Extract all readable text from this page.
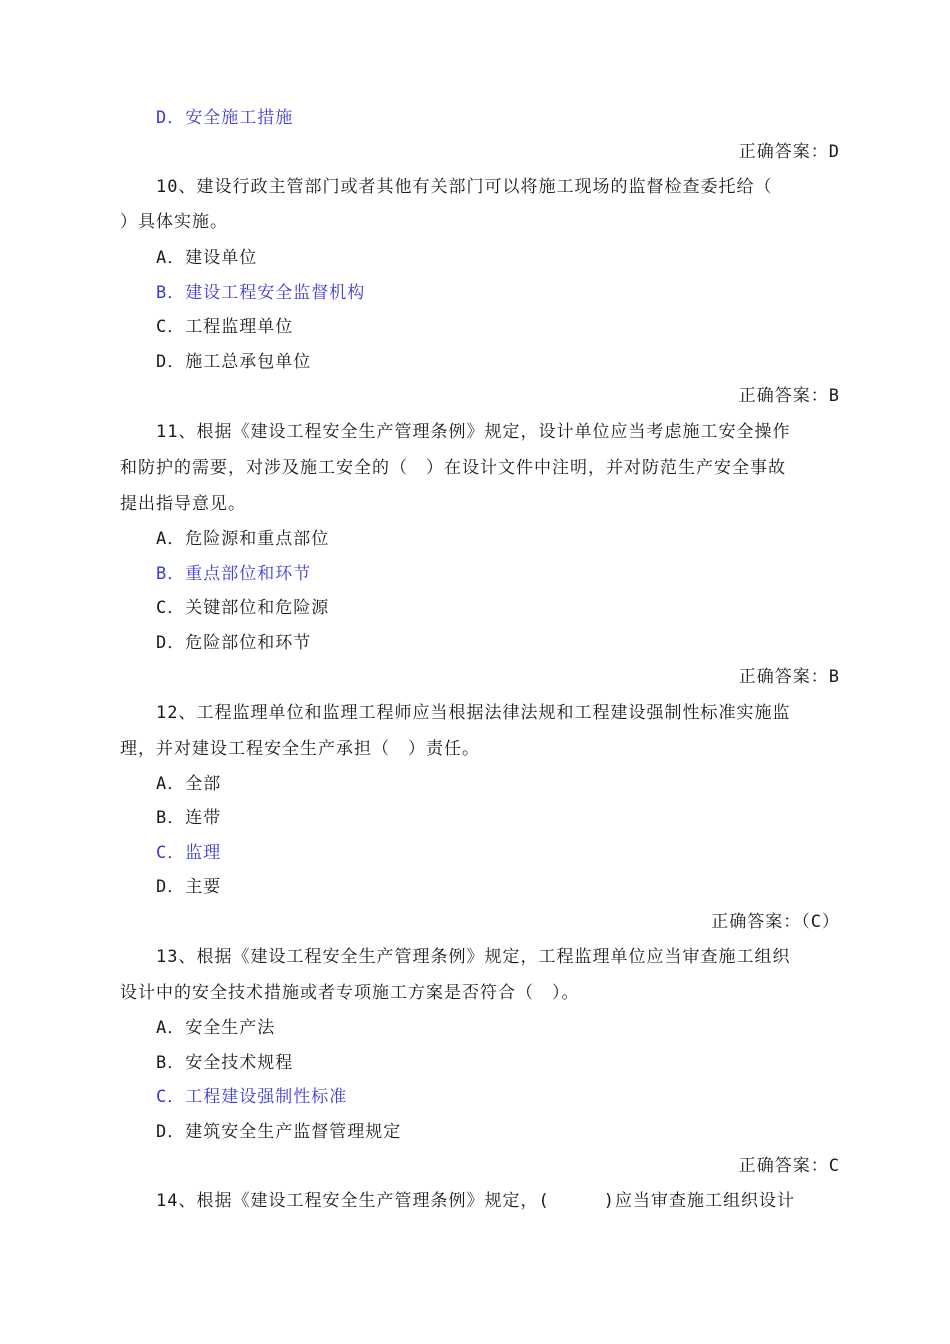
D．安全施工措施
正确答案：D
10、建设行政主管部门或者其他有关部门可以将施工现场的监督检查委托给（
）具体实施。
A．建设单位
B．建设工程安全监督机构
C．工程监理单位
D．施工总承包单位
正确答案：B
11、根据《建设工程安全生产管理条例》规定，设计单位应当考虑施工安全操作
和防护的需要，对涉及施工安全的（　）在设计文件中注明，并对防范生产安全事故
提出指导意见。
A．危险源和重点部位
B．重点部位和环节
C．关键部位和危险源
D．危险部位和环节
正确答案：B
12、工程监理单位和监理工程师应当根据法律法规和工程建设强制性标准实施监
理，并对建设工程安全生产承担（　）责任。
A．全部
B．连带
C．监理
D．主要
正确答案：（C）
13、根据《建设工程安全生产管理条例》规定，工程监理单位应当审查施工组织
设计中的安全技术措施或者专项施工方案是否符合（　）。
A．安全生产法
B．安全技术规程
C．工程建设强制性标准
D．建筑安全生产监督管理规定
正确答案：C
14、根据《建设工程安全生产管理条例》规定，(　　　)应当审查施工组织设计
